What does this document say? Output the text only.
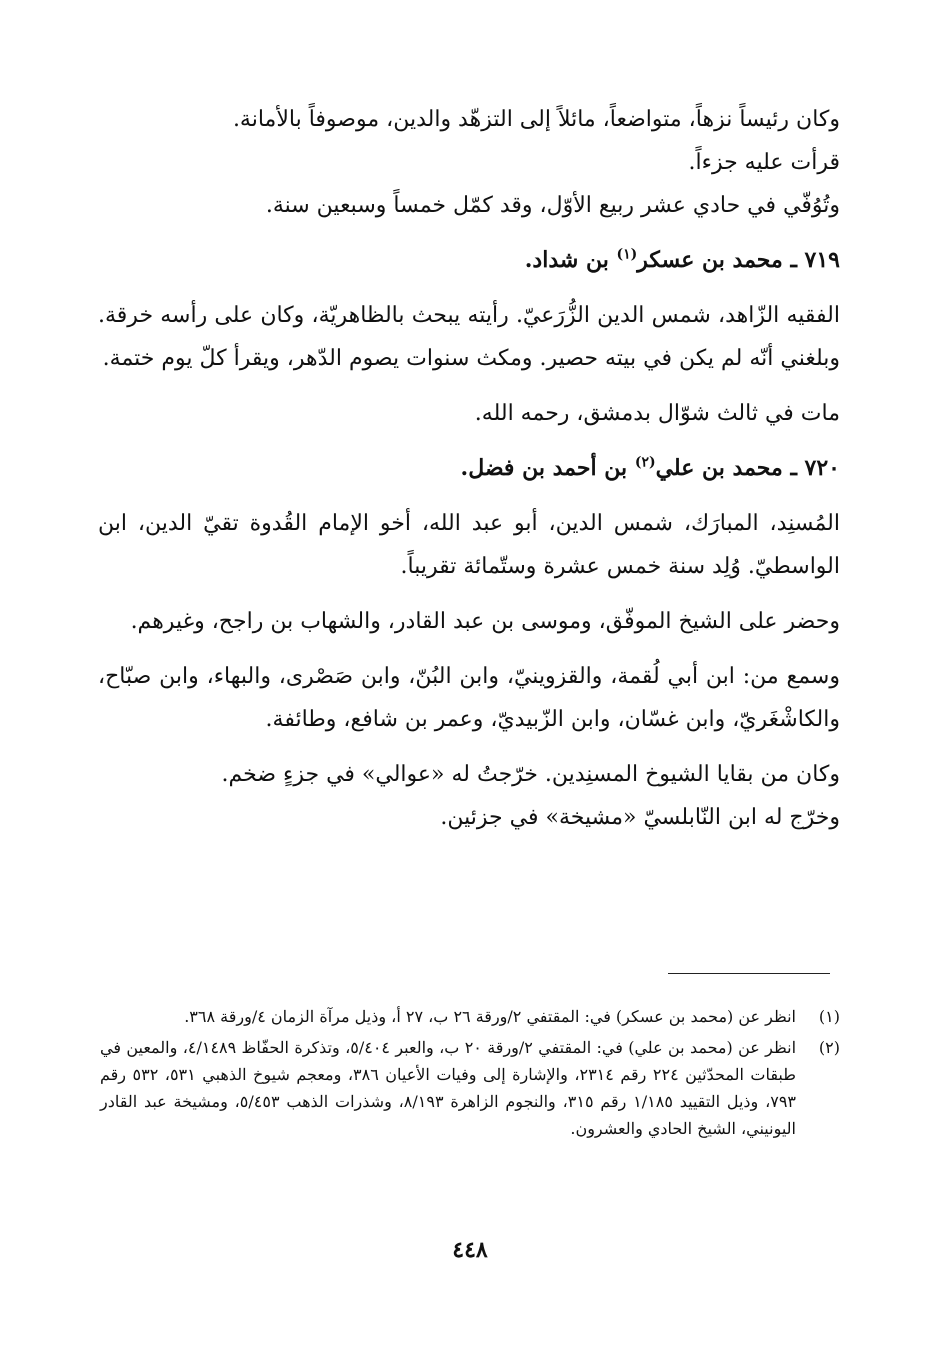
وكان رئيساً نزهاً، متواضعاً، مائلاً إلى التزهّد والدين، موصوفاً بالأمانة.

قرأت عليه جزءاً.

وتُوُفّي في حادي عشر ربيع الأوّل، وقد كمّل خمساً وسبعين سنة.

٧١٩ ـ محمد بن عسكر$^{(١)}$ بن شداد.

الفقيه الزّاهد، شمس الدين الزُّرَعيّ. رأيته يبحث بالظاهريّة، وكان على رأسه خرقة. وبلغني أنّه لم يكن في بيته حصير. ومكث سنوات يصوم الدّهر، ويقرأ كلّ يوم ختمة.

مات في ثالث شوّال بدمشق، رحمه الله.

٧٢٠ ـ محمد بن علي$^{(٢)}$ بن أحمد بن فضل.

المُسنِد، المبارَك، شمس الدين، أبو عبد الله، أخو الإمام القُدوة تقيّ الدين، ابن الواسطيّ. وُلِد سنة خمس عشرة وستّمائة تقريباً.

وحضر على الشيخ الموفّق، وموسى بن عبد القادر، والشهاب بن راجح، وغيرهم.

وسمع من: ابن أبي لُقمة، والقزوينيّ، وابن البُنّ، وابن صَصْرى، والبهاء، وابن صبّاح، والكاشْغَريّ، وابن غسّان، وابن الزّبيديّ، وعمر بن شافع، وطائفة.

وكان من بقايا الشيوخ المسنِدين. خرّجتُ له «عوالي» في جزءٍ ضخم.

وخرّج له ابن النّابلسيّ «مشيخة» في جزئين.

(١)
انظر عن (محمد بن عسكر) في: المقتفي ٢/ورقة ٢٦ ب، ٢٧ أ، وذيل مرآة الزمان ٤/ورقة ٣٦٨.
(٢)
انظر عن (محمد بن علي) في: المقتفي ٢/ورقة ٢٠ ب، والعبر ٥/٤٠٤، وتذكرة الحفّاظ ٤/١٤٨٩، والمعين في طبقات المحدّثين ٢٢٤ رقم ٢٣١٤، والإشارة إلى وفيات الأعيان ٣٨٦، ومعجم شيوخ الذهبي ٥٣١، ٥٣٢ رقم ٧٩٣، وذيل التقييد ١/١٨٥ رقم ٣١٥، والنجوم الزاهرة ٨/١٩٣، وشذرات الذهب ٥/٤٥٣، ومشيخة عبد القادر اليونيني، الشيخ الحادي والعشرون.
٤٤٨
